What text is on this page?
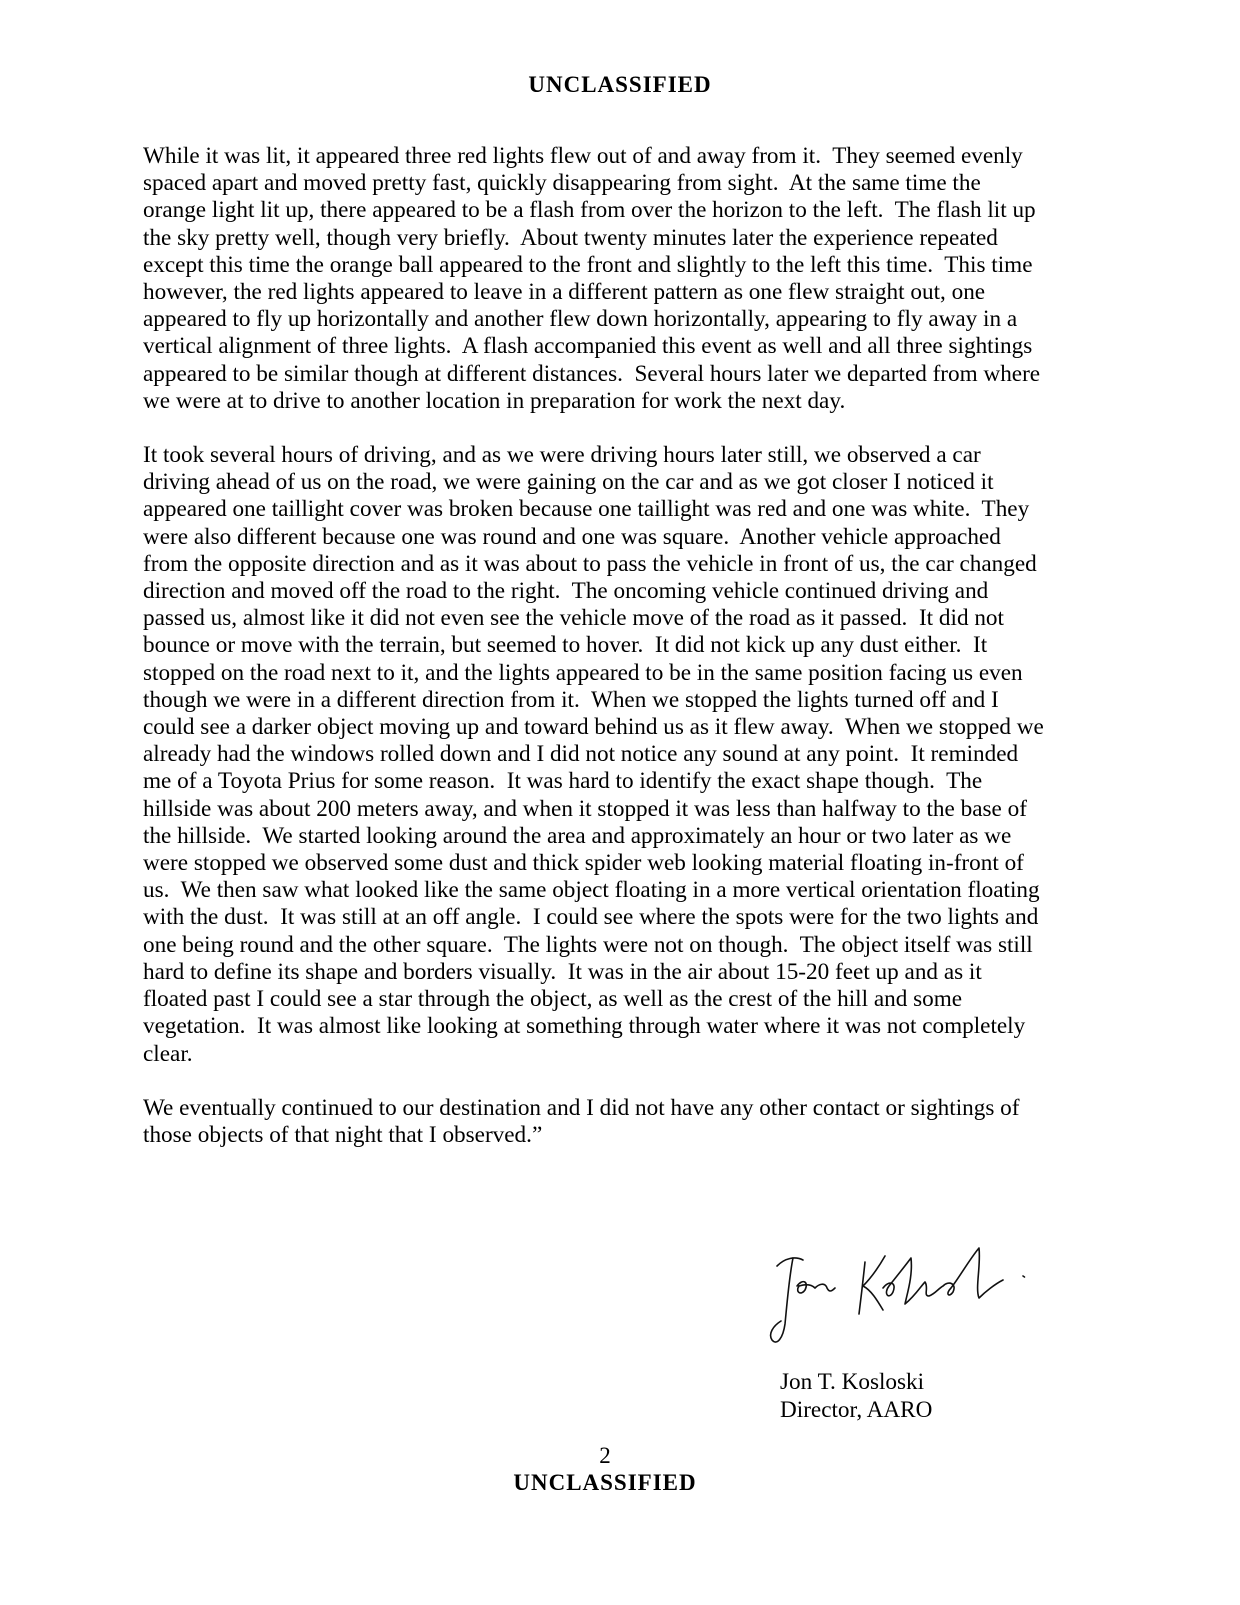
UNCLASSIFIED

While it was lit, it appeared three red lights flew out of and away from it.  They seemed evenly
spaced apart and moved pretty fast, quickly disappearing from sight.  At the same time the
orange light lit up, there appeared to be a flash from over the horizon to the left.  The flash lit up
the sky pretty well, though very briefly.  About twenty minutes later the experience repeated
except this time the orange ball appeared to the front and slightly to the left this time.  This time
however, the red lights appeared to leave in a different pattern as one flew straight out, one
appeared to fly up horizontally and another flew down horizontally, appearing to fly away in a
vertical alignment of three lights.  A flash accompanied this event as well and all three sightings
appeared to be similar though at different distances.  Several hours later we departed from where
we were at to drive to another location in preparation for work the next day.

It took several hours of driving, and as we were driving hours later still, we observed a car
driving ahead of us on the road, we were gaining on the car and as we got closer I noticed it
appeared one taillight cover was broken because one taillight was red and one was white.  They
were also different because one was round and one was square.  Another vehicle approached
from the opposite direction and as it was about to pass the vehicle in front of us, the car changed
direction and moved off the road to the right.  The oncoming vehicle continued driving and
passed us, almost like it did not even see the vehicle move of the road as it passed.  It did not
bounce or move with the terrain, but seemed to hover.  It did not kick up any dust either.  It
stopped on the road next to it, and the lights appeared to be in the same position facing us even
though we were in a different direction from it.  When we stopped the lights turned off and I
could see a darker object moving up and toward behind us as it flew away.  When we stopped we
already had the windows rolled down and I did not notice any sound at any point.  It reminded
me of a Toyota Prius for some reason.  It was hard to identify the exact shape though.  The
hillside was about 200 meters away, and when it stopped it was less than halfway to the base of
the hillside.  We started looking around the area and approximately an hour or two later as we
were stopped we observed some dust and thick spider web looking material floating in-front of
us.  We then saw what looked like the same object floating in a more vertical orientation floating
with the dust.  It was still at an off angle.  I could see where the spots were for the two lights and
one being round and the other square.  The lights were not on though.  The object itself was still
hard to define its shape and borders visually.  It was in the air about 15-20 feet up and as it
floated past I could see a star through the object, as well as the crest of the hill and some
vegetation.  It was almost like looking at something through water where it was not completely
clear.

We eventually continued to our destination and I did not have any other contact or sightings of
those objects of that night that I observed.”

Jon T. Kosloski
Director, AARO
2
UNCLASSIFIED
